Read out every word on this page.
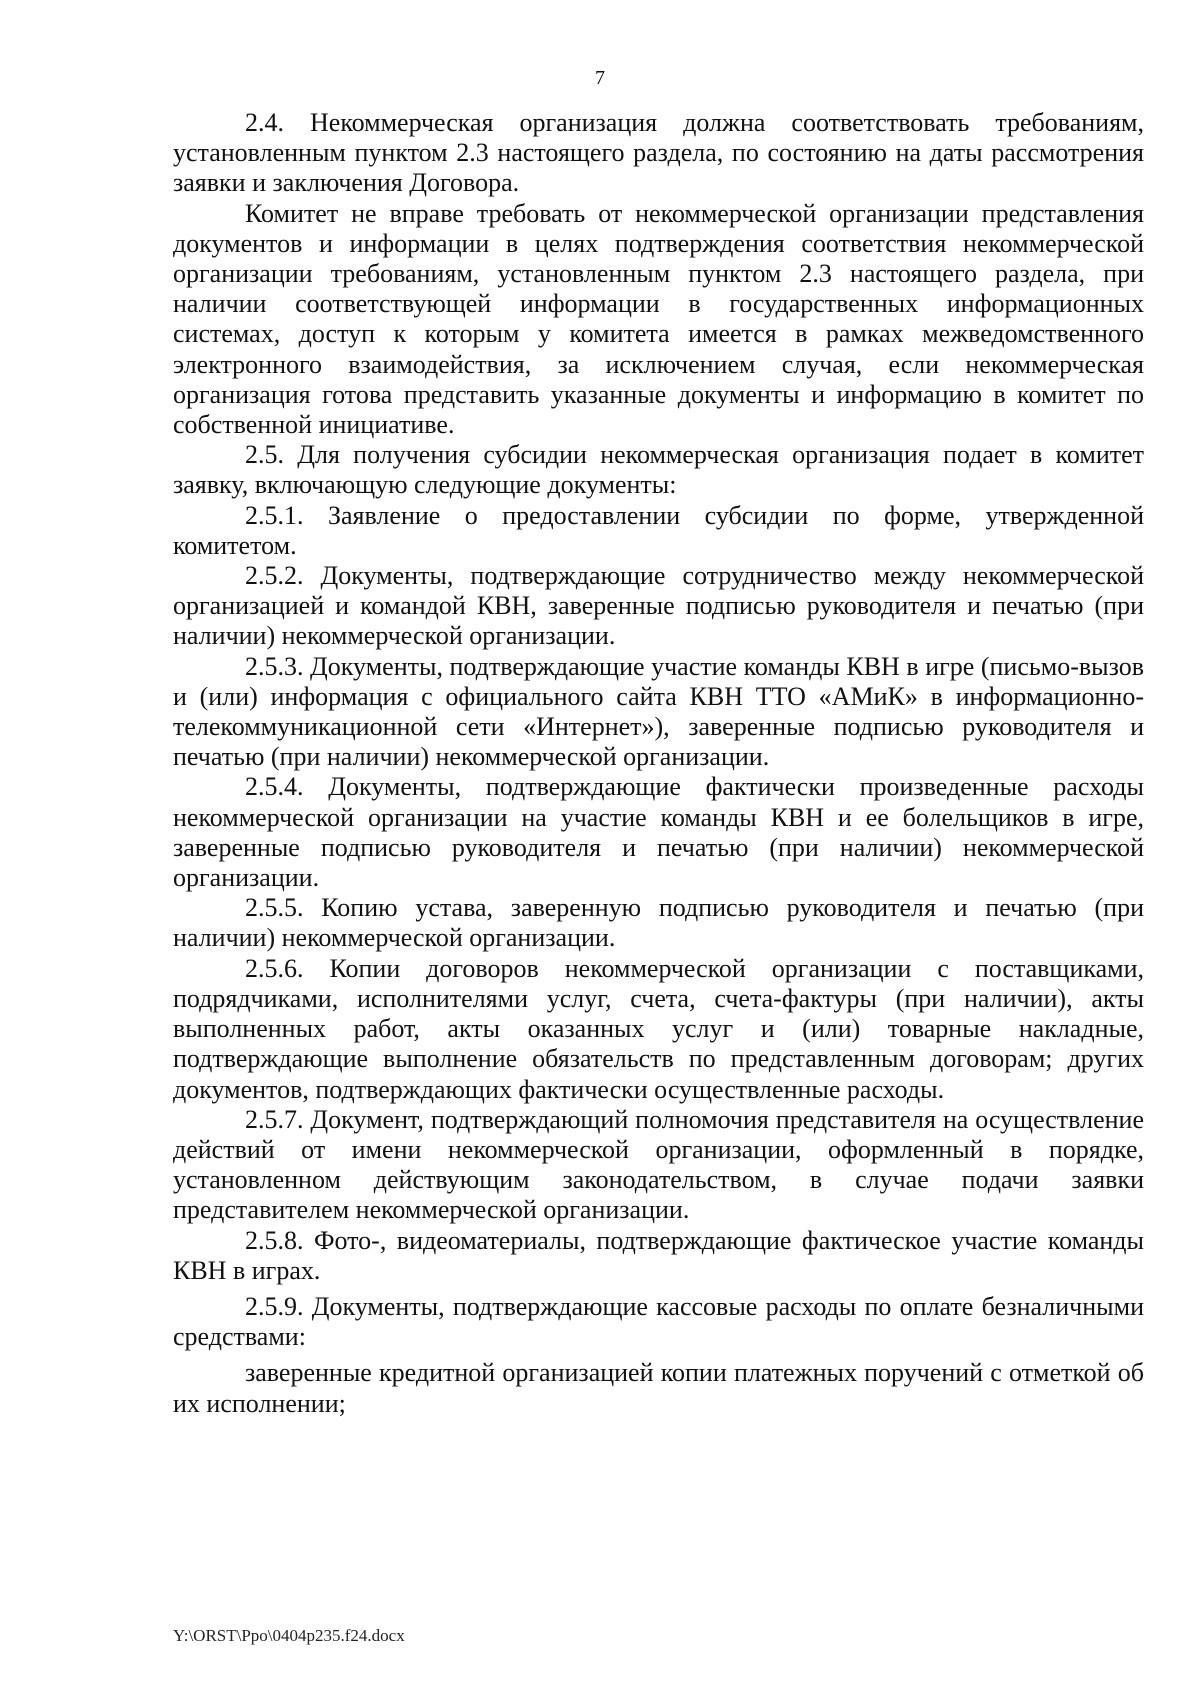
7

2.4. Некоммерческая организация должна соответствовать требованиям, установленным пунктом 2.3 настоящего раздела, по состоянию на даты рассмотрения заявки и заключения Договора.

Комитет не вправе требовать от некоммерческой организации представления документов и информации в целях подтверждения соответствия некоммерческой организации требованиям, установленным пунктом 2.3 настоящего раздела, при наличии соответствующей информации в государственных информационных системах, доступ к которым у комитета имеется в рамках межведомственного электронного взаимодействия, за исключением случая, если некоммерческая организация готова представить указанные документы и информацию в комитет по собственной инициативе.

2.5. Для получения субсидии некоммерческая организация подает в комитет заявку, включающую следующие документы:

2.5.1. Заявление о предоставлении субсидии по форме, утвержденной комитетом.

2.5.2. Документы, подтверждающие сотрудничество между некоммерческой организацией и командой КВН, заверенные подписью руководителя и печатью (при наличии) некоммерческой организации.

2.5.3. Документы, подтверждающие участие команды КВН в игре (письмо-вызов и (или) информация с официального сайта КВН ТТО «АМиК» в информационно-телекоммуникационной сети «Интернет»), заверенные подписью руководителя и печатью (при наличии) некоммерческой организации.

2.5.4. Документы, подтверждающие фактически произведенные расходы некоммерческой организации на участие команды КВН и ее болельщиков в игре, заверенные подписью руководителя и печатью (при наличии) некоммерческой организации.

2.5.5. Копию устава, заверенную подписью руководителя и печатью (при наличии) некоммерческой организации.

2.5.6. Копии договоров некоммерческой организации с поставщиками, подрядчиками, исполнителями услуг, счета, счета-фактуры (при наличии), акты выполненных работ, акты оказанных услуг и (или) товарные накладные, подтверждающие выполнение обязательств по представленным договорам; других документов, подтверждающих фактически осуществленные расходы.

2.5.7. Документ, подтверждающий полномочия представителя на осуществление действий от имени некоммерческой организации, оформленный в порядке, установленном действующим законодательством, в случае подачи заявки представителем некоммерческой организации.

2.5.8. Фото-, видеоматериалы, подтверждающие фактическое участие команды КВН в играх.

2.5.9. Документы, подтверждающие кассовые расходы по оплате безналичными средствами:

заверенные кредитной организацией копии платежных поручений с отметкой об их исполнении;

Y:\ORST\Ppo\0404p235.f24.docx
